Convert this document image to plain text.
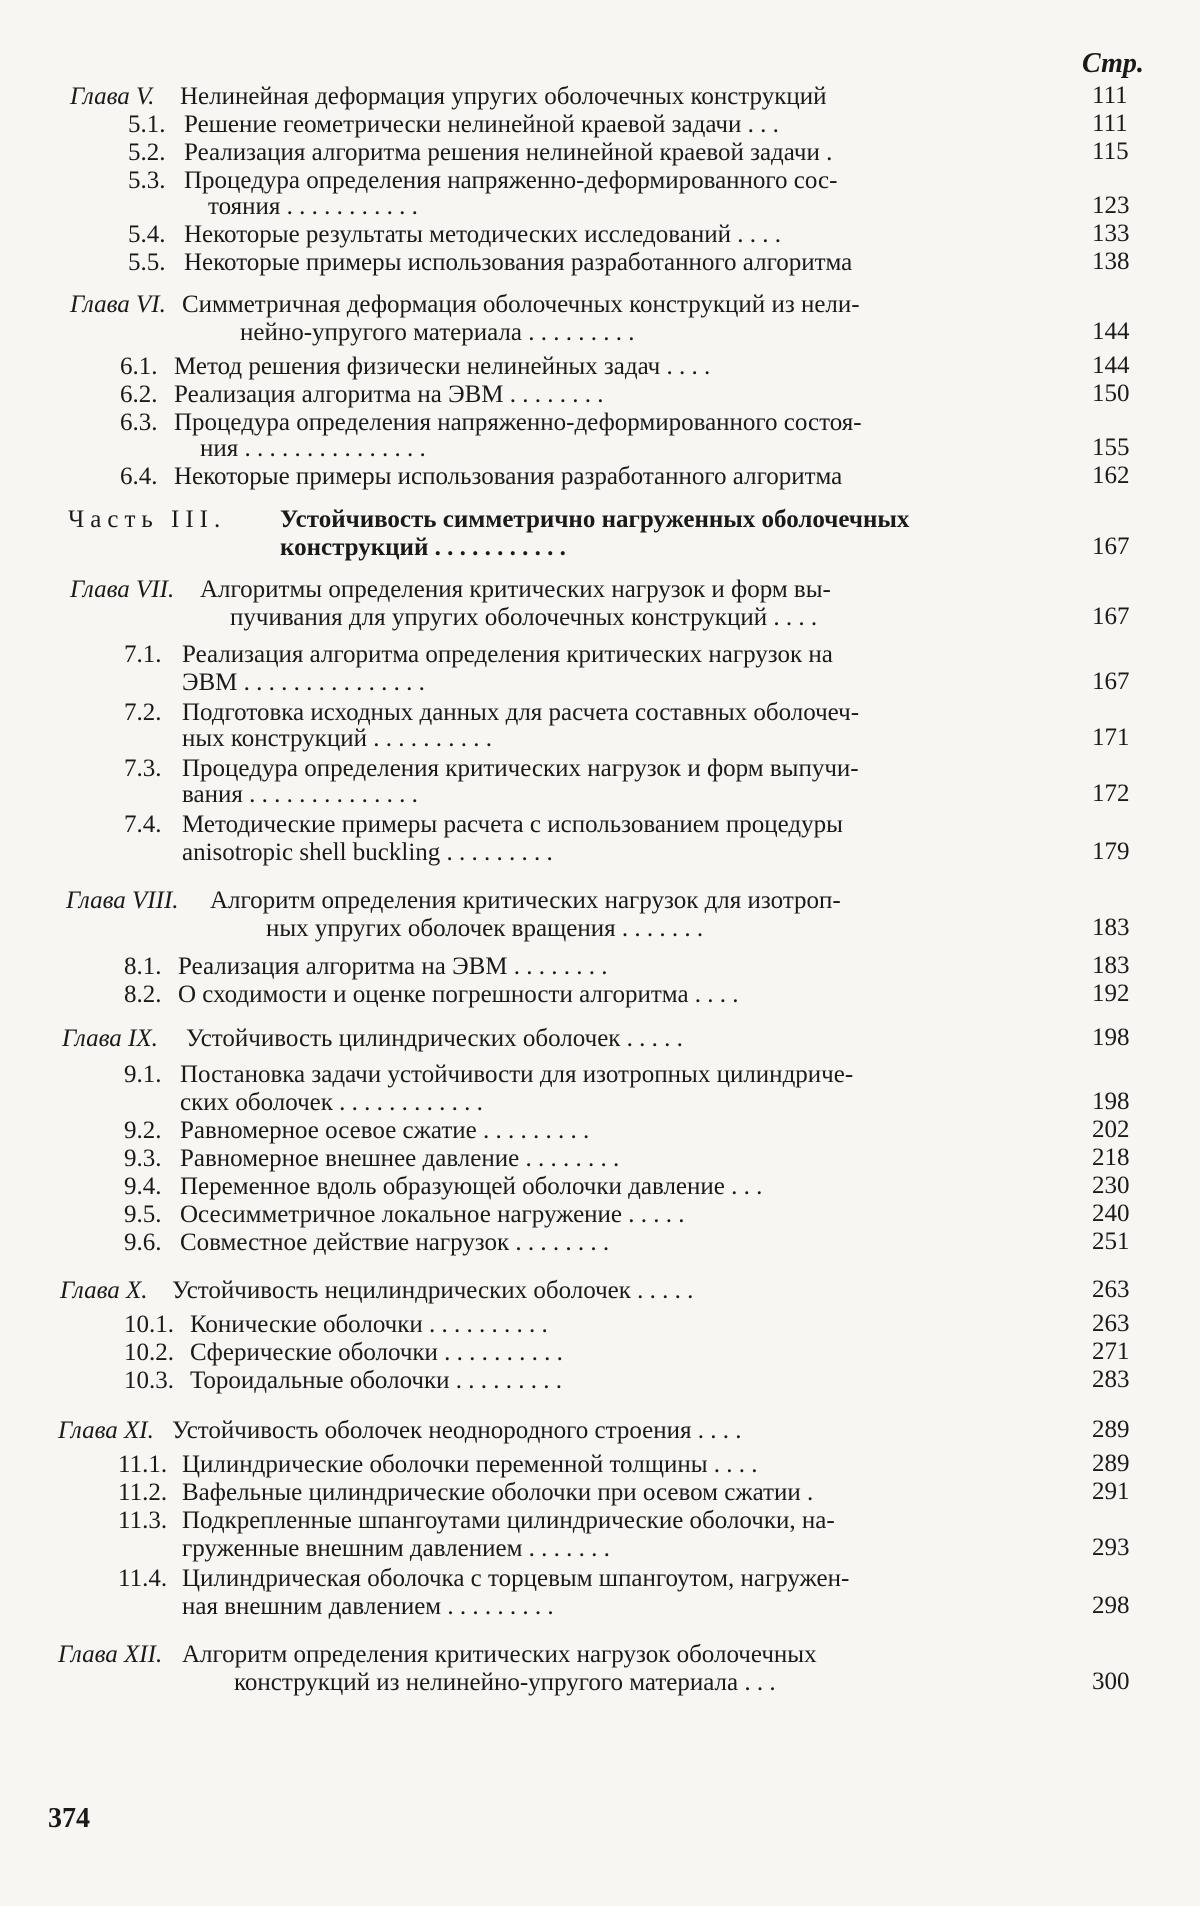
Стр.
Глава V. Нелинейная деформация упругих оболочечных конструкций	111
5.1. Решение геометрически нелинейной краевой задачи . . .	111
5.2. Реализация алгоритма решения нелинейной краевой задачи .	115
5.3. Процедура определения напряженно-деформированного сос-
тояния . . . . . . . . . . .	123
5.4. Некоторые результаты методических исследований . . . .	133
5.5. Некоторые примеры использования разработанного алгоритма	138
Глава VI. Симметричная деформация оболочечных конструкций из нели-
нейно-упругого материала . . . . . . . . .	144
6.1. Метод решения физически нелинейных задач . . . .	144
6.2. Реализация алгоритма на ЭВМ . . . . . . . .	150
6.3. Процедура определения напряженно-деформированного состоя-
ния . . . . . . . . . . . . . . .	155
6.4. Некоторые примеры использования разработанного алгоритма	162
Часть III. Устойчивость симметрично нагруженных оболочечных
конструкций . . . . . . . . . . .	167
Глава VII. Алгоритмы определения критических нагрузок и форм вы-
пучивания для упругих оболочечных конструкций . . . .	167
7.1. Реализация алгоритма определения критических нагрузок на
ЭВМ . . . . . . . . . . . . . . .	167
7.2. Подготовка исходных данных для расчета составных оболочеч-
ных конструкций . . . . . . . . . .	171
7.3. Процедура определения критических нагрузок и форм выпучи-
вания . . . . . . . . . . . . . .	172
7.4. Методические примеры расчета с использованием процедуры
anisotropic shell buckling . . . . . . . . .	179
Глава VIII. Алгоритм определения критических нагрузок для изотроп-
ных упругих оболочек вращения . . . . . . .	183
8.1. Реализация алгоритма на ЭВМ . . . . . . . .	183
8.2. О сходимости и оценке погрешности алгоритма . . . .	192
Глава IX. Устойчивость цилиндрических оболочек . . . . .	198
9.1. Постановка задачи устойчивости для изотропных цилиндриче-
ских оболочек . . . . . . . . . . . .	198
9.2. Равномерное осевое сжатие . . . . . . . . .	202
9.3. Равномерное внешнее давление . . . . . . . .	218
9.4. Переменное вдоль образующей оболочки давление . . .	230
9.5. Осесимметричное локальное нагружение . . . . .	240
9.6. Совместное действие нагрузок . . . . . . . .	251
Глава X. Устойчивость нецилиндрических оболочек . . . . .	263
10.1. Конические оболочки . . . . . . . . . .	263
10.2. Сферические оболочки . . . . . . . . . .	271
10.3. Тороидальные оболочки . . . . . . . . .	283
Глава XI. Устойчивость оболочек неоднородного строения . . . .	289
11.1. Цилиндрические оболочки переменной толщины . . . .	289
11.2. Вафельные цилиндрические оболочки при осевом сжатии .	291
11.3. Подкрепленные шпангоутами цилиндрические оболочки, на-
груженные внешним давлением . . . . . . .	293
11.4. Цилиндрическая оболочка с торцевым шпангоутом, нагружен-
ная внешним давлением . . . . . . . . .	298
Глава XII. Алгоритм определения критических нагрузок оболочечных
конструкций из нелинейно-упругого материала . . .	300
374
